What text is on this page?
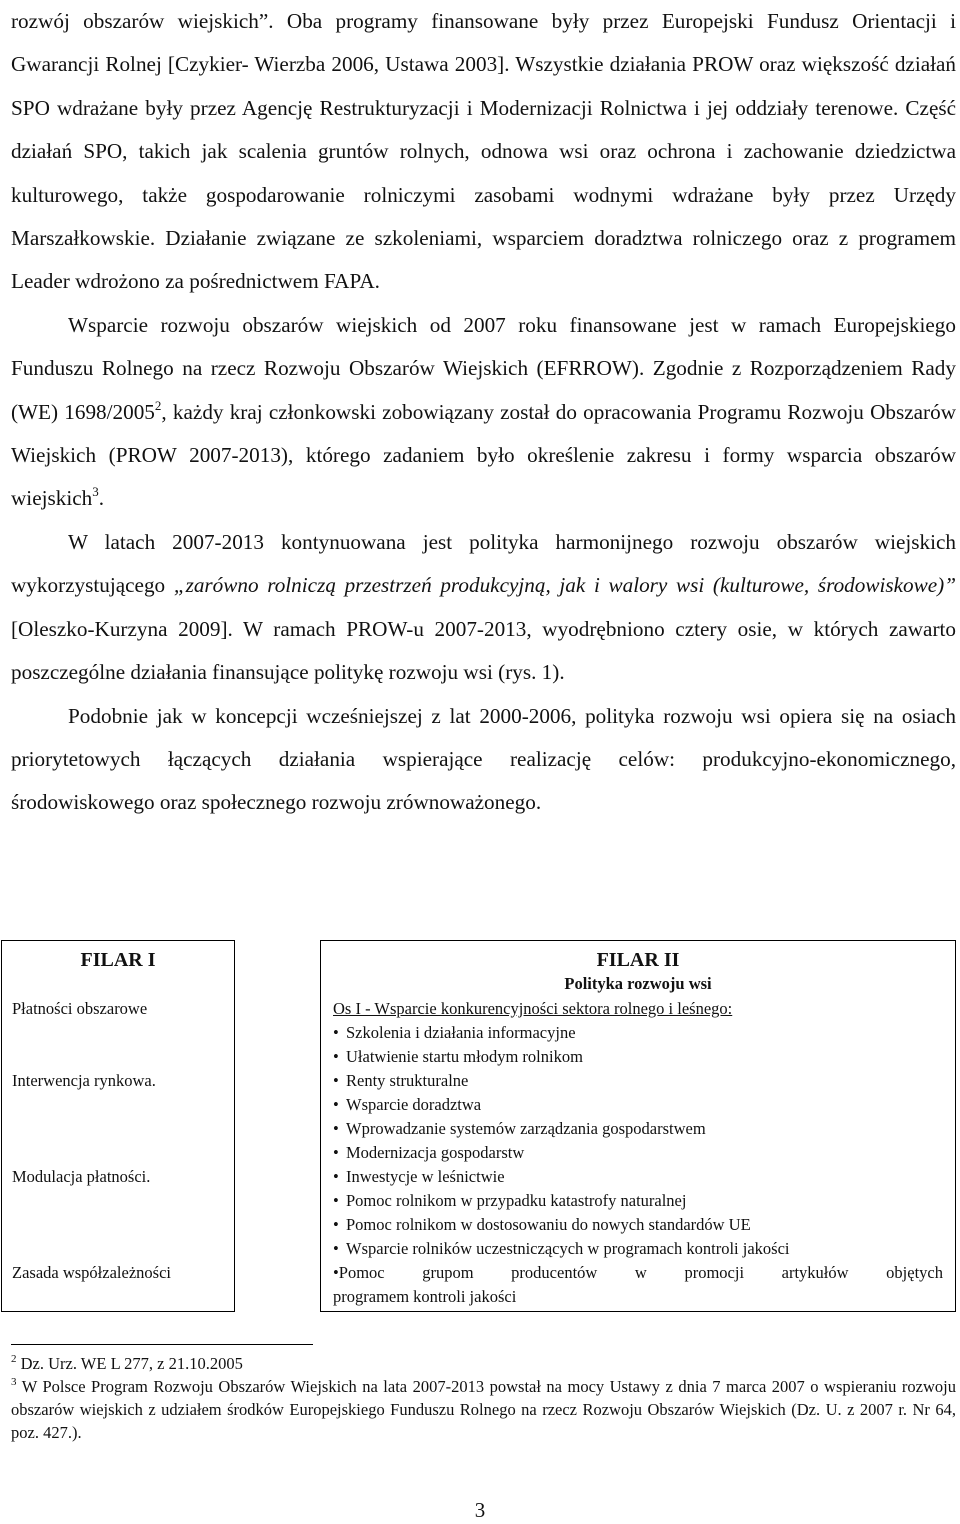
rozwój obszarów wiejskich”. Oba programy finansowane były przez Europejski Fundusz Orientacji i Gwarancji Rolnej [Czykier- Wierzba 2006, Ustawa 2003]. Wszystkie działania PROW oraz większość działań SPO wdrażane były przez Agencję Restrukturyzacji i Modernizacji Rolnictwa i jej oddziały terenowe. Część działań SPO, takich jak scalenia gruntów rolnych, odnowa wsi oraz ochrona i zachowanie dziedzictwa kulturowego, także gospodarowanie rolniczymi zasobami wodnymi wdrażane były przez Urzędy Marszałkowskie. Działanie związane ze szkoleniami, wsparciem doradztwa rolniczego oraz z programem Leader wdrożono za pośrednictwem FAPA.

Wsparcie rozwoju obszarów wiejskich od 2007 roku finansowane jest w ramach Europejskiego Funduszu Rolnego na rzecz Rozwoju Obszarów Wiejskich (EFRROW). Zgodnie z Rozporządzeniem Rady (WE) 1698/2005$^2$, każdy kraj członkowski zobowiązany został do opracowania Programu Rozwoju Obszarów Wiejskich (PROW 2007-2013), którego zadaniem było określenie zakresu i formy wsparcia obszarów wiejskich$^3$.

W latach 2007-2013 kontynuowana jest polityka harmonijnego rozwoju obszarów wiejskich wykorzystującego „zarówno rolniczą przestrzeń produkcyjną, jak i walory wsi (kulturowe, środowiskowe)” [Oleszko-Kurzyna 2009]. W ramach PROW-u 2007-2013, wyodrębniono cztery osie, w których zawarto poszczególne działania finansujące politykę rozwoju wsi (rys. 1).

Podobnie jak w koncepcji wcześniejszej z lat 2000-2006, polityka rozwoju wsi opiera się na osiach priorytetowych łączących działania wspierające realizację celów: produkcyjno-ekonomicznego, środowiskowego oraz społecznego rozwoju zrównoważonego.

FILAR I
Płatności obszarowe
Interwencja rynkowa.
Modulacja płatności.
Zasada współzależności
FILAR II
Polityka rozwoju wsi
Os I - Wsparcie konkurencyjności sektora rolnego i leśnego:
• Szkolenia i działania informacyjne
• Ułatwienie startu młodym rolnikom
• Renty strukturalne
• Wsparcie doradztwa
• Wprowadzanie systemów zarządzania gospodarstwem
• Modernizacja gospodarstw
• Inwestycje w leśnictwie
• Pomoc rolnikom w przypadku katastrofy naturalnej
• Pomoc rolnikom w dostosowaniu do nowych standardów UE
• Wsparcie rolników uczestniczących w programach kontroli jakości
•Pomoc grupom producentów w promocji artykułów objętych
programem kontroli jakości

$^2$ Dz. Urz. WE L 277, z 21.10.2005

$^3$ W Polsce Program Rozwoju Obszarów Wiejskich na lata 2007-2013 powstał na mocy Ustawy z dnia 7 marca 2007 o wspieraniu rozwoju obszarów wiejskich z udziałem środków Europejskiego Funduszu Rolnego na rzecz Rozwoju Obszarów Wiejskich (Dz. U. z 2007 r. Nr 64, poz. 427.).

3
